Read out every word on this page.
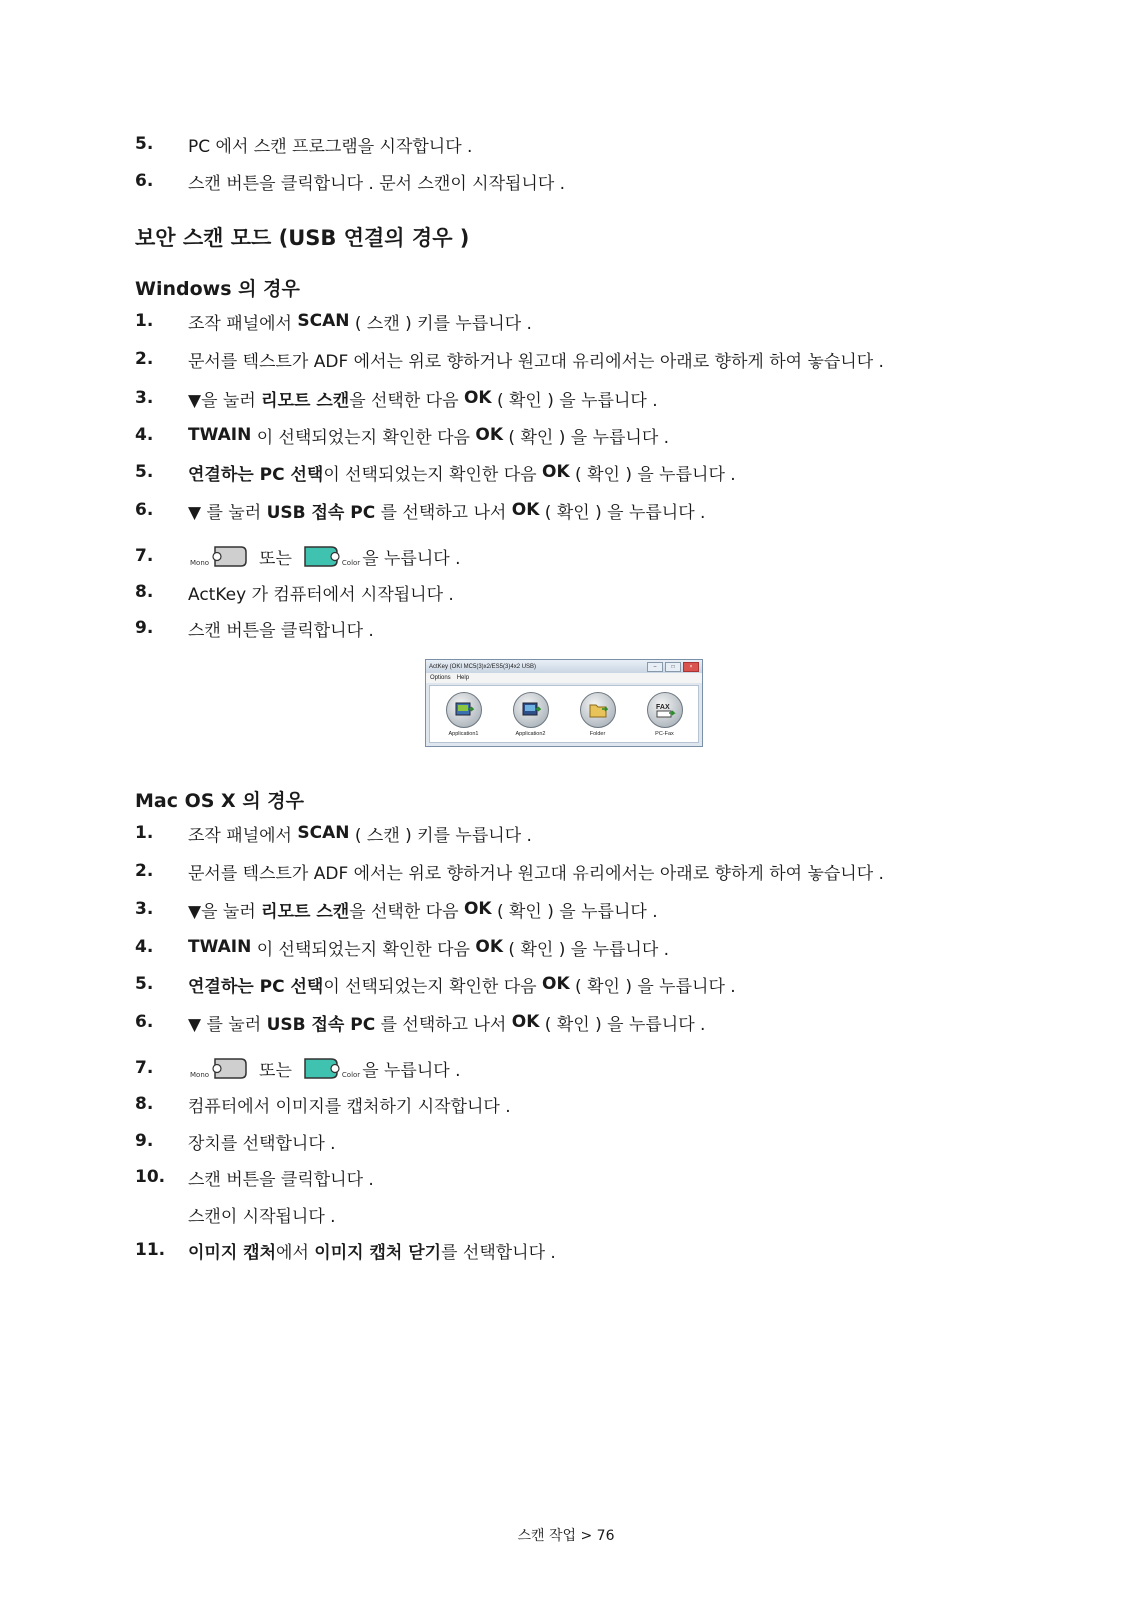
5.	PC 에서 스캔 프로그램을 시작합니다 .
6.	스캔 버튼을 클릭합니다 . 문서 스캔이 시작됩니다 .
보안 스캔 모드 (USB 연결의 경우 )
Windows 의 경우
1.	조작 패널에서 SCAN ( 스캔 ) 키를 누릅니다 .
2.	문서를 텍스트가 ADF 에서는 위로 향하거나 원고대 유리에서는 아래로 향하게 하여 놓습니다 .
3.	▼을 눌러 리모트 스캔 을 선택한 다음 OK ( 확인 ) 을 누릅니다 .
4.	TWAIN 이 선택되었는지 확인한 다음 OK ( 확인 ) 을 누릅니다 .
5.	연결하는 PC 선택 이 선택되었는지 확인한 다음 OK ( 확인 ) 을 누릅니다 .
6.	▼ 를 눌러 USB 접속 PC 를 선택하고 나서 OK ( 확인 ) 을 누릅니다 .
7.	Mono	또는	Color 을 누릅니다 .
8.	ActKey 가 컴퓨터에서 시작됩니다 .
9.	스캔 버튼을 클릭합니다 .
ActKey (OKI MC5(3)x2/ES5(3)4x2 USB)	–	□	×
Options Help
Application1	Application2	Folder
FAX
PC-Fax
Mac OS X 의 경우
1.	조작 패널에서 SCAN ( 스캔 ) 키를 누릅니다 .
2.	문서를 텍스트가 ADF 에서는 위로 향하거나 원고대 유리에서는 아래로 향하게 하여 놓습니다 .
3.	▼을 눌러 리모트 스캔 을 선택한 다음 OK ( 확인 ) 을 누릅니다 .
4.	TWAIN 이 선택되었는지 확인한 다음 OK ( 확인 ) 을 누릅니다 .
5.	연결하는 PC 선택 이 선택되었는지 확인한 다음 OK ( 확인 ) 을 누릅니다 .
6.	▼ 를 눌러 USB 접속 PC 를 선택하고 나서 OK ( 확인 ) 을 누릅니다 .
7.	Mono	또는	Color 을 누릅니다 .
8.	컴퓨터에서 이미지를 캡처하기 시작합니다 .
9.	장치를 선택합니다 .
10.	스캔 버튼을 클릭합니다 .
스캔이 시작됩니다 .
11.	이미지 캡처 에서 이미지 캡처 닫기 를 선택합니다 .
스캔 작업 > 76
